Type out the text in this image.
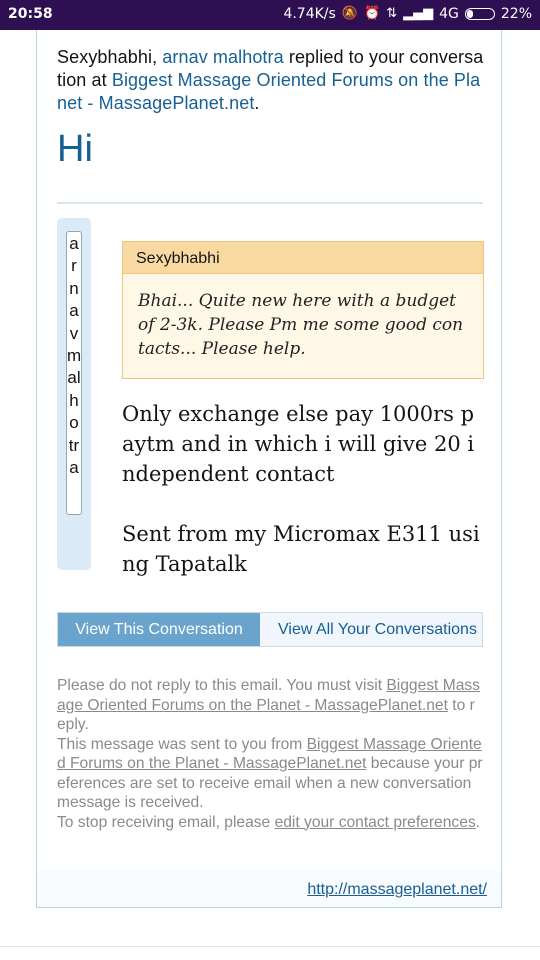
20:58	4.74K/s 🔕 ⏰ ⇅ ▂▄▆ 4G	22%
Sexybhabhi, arnav malhotra replied to your conversation at Biggest Massage Oriented Forums on the Planet - MassagePlanet.net.
Hi
arnavmalhotra
Sexybhabhi
Bhai... Quite new here with a budget of 2-3k. Please Pm me some good contacts... Please help.
Only exchange else pay 1000rs paytm and in which i will give 20 independent contact

Sent from my Micromax E311 using Tapatalk
View This Conversation	View All Your Conversations
Please do not reply to this email. You must visit Biggest Massage Oriented Forums on the Planet - MassagePlanet.net to reply.
This message was sent to you from Biggest Massage Oriented Forums on the Planet - MassagePlanet.net because your preferences are set to receive email when a new conversation message is received.
To stop receiving email, please edit your contact preferences.
http://massageplanet.net/
